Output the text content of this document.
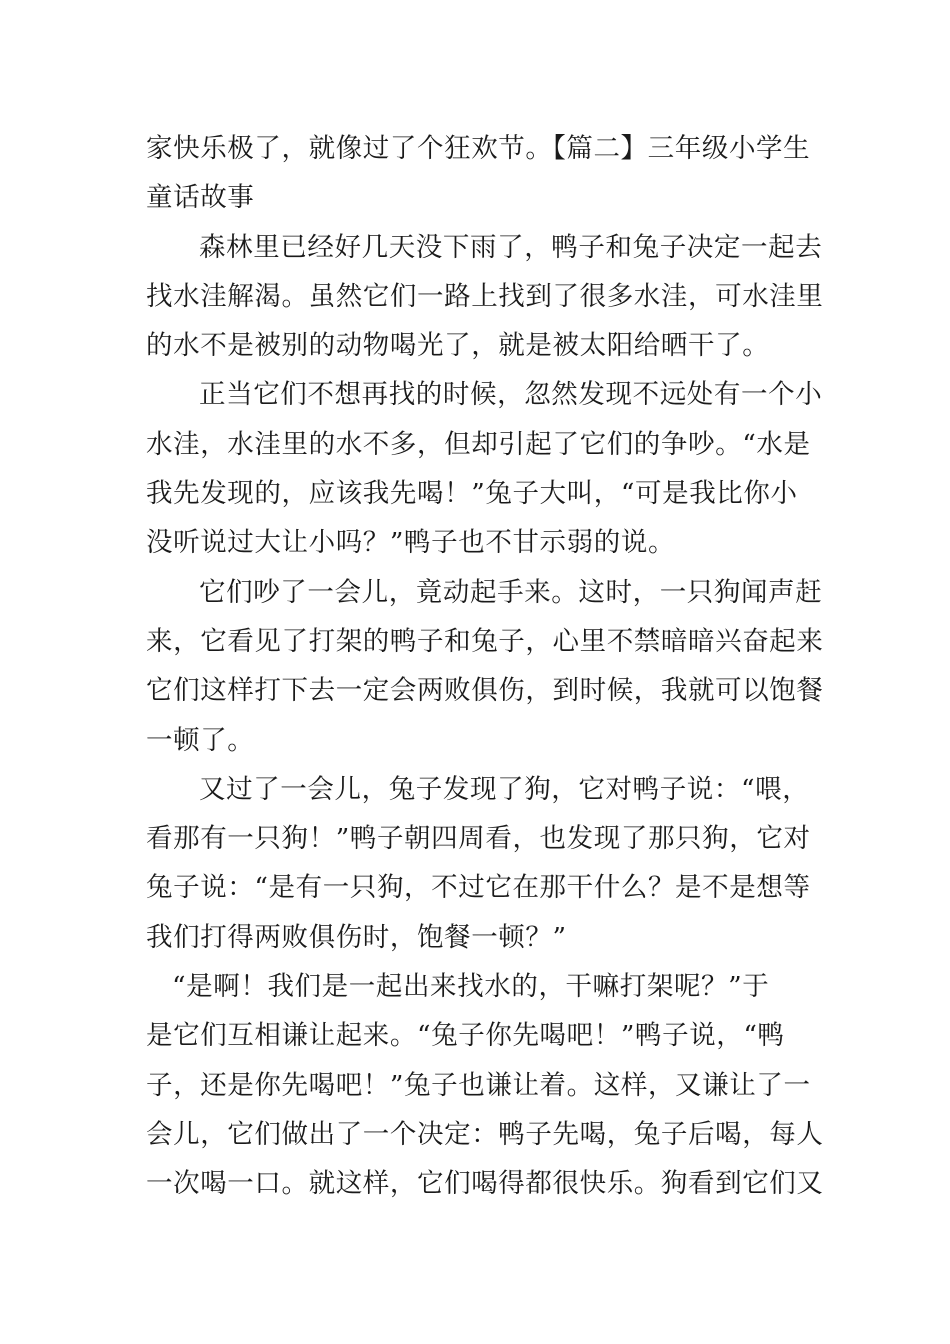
家快乐极了，就像过了个狂欢节。【篇二】三年级小学生
童话故事
森林里已经好几天没下雨了，鸭子和兔子决定一起去
找水洼解渴。虽然它们一路上找到了很多水洼，可水洼里
的水不是被别的动物喝光了，就是被太阳给晒干了。
正当它们不想再找的时候，忽然发现不远处有一个小
水洼，水洼里的水不多，但却引起了它们的争吵。“水是
我先发现的，应该我先喝！”兔子大叫，“可是我比你小
没听说过大让小吗？”鸭子也不甘示弱的说。
它们吵了一会儿，竟动起手来。这时，一只狗闻声赶
来，它看见了打架的鸭子和兔子，心里不禁暗暗兴奋起来
它们这样打下去一定会两败俱伤，到时候，我就可以饱餐
一顿了。
又过了一会儿，兔子发现了狗，它对鸭子说：“喂，
看那有一只狗！”鸭子朝四周看，也发现了那只狗，它对
兔子说：“是有一只狗，不过它在那干什么？是不是想等
我们打得两败俱伤时，饱餐一顿？”
“是啊！我们是一起出来找水的，干嘛打架呢？”于
是它们互相谦让起来。“兔子你先喝吧！”鸭子说，“鸭
子，还是你先喝吧！”兔子也谦让着。这样，又谦让了一
会儿，它们做出了一个决定：鸭子先喝，兔子后喝，每人
一次喝一口。就这样，它们喝得都很快乐。狗看到它们又
